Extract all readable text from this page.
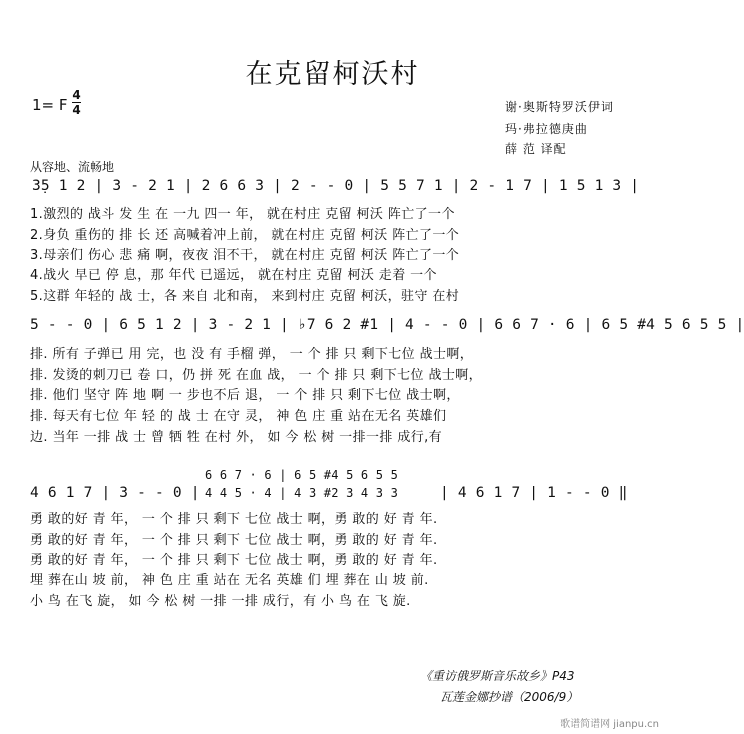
在克留柯沃村
1= F
4
4	谢·奥斯特罗沃伊词
玛·弗拉德庚曲
薛 范 译配
从容地、流畅地
3̣5 1 2 | 3 - 2 1 | 2 6 6 3 | 2 - - 0 | 5 5 7 1 | 2 - 1 7 | 1 5 1 3 |
1.激烈的 战斗 发 生 在 一九 四一 年， 就在村庄 克留 柯沃 阵亡了一个
2.身负 重伤的 排 长 还 高喊着冲上前， 就在村庄 克留 柯沃 阵亡了一个
3.母亲们 伤心 悲 痛 啊，夜夜 泪不干， 就在村庄 克留 柯沃 阵亡了一个
4.战火 早已 停 息，那 年代 已遥远， 就在村庄 克留 柯沃 走着 一个
5.这群 年轻的 战 士，各 来自 北和南， 来到村庄 克留 柯沃，驻守 在村
5 - - 0 | 6 5 1 2 | 3 - 2 1 | ♭7 6 2 #1 | 4 - - 0 | 6 6 7 · 6 | 6 5 #4 5 6 5 5 |
排. 所有 子弹已 用 完，也 没 有 手榴 弹， 一 个 排 只 剩下七位 战士啊，
排. 发烫的刺刀已 卷 口，仍 拼 死 在血 战， 一 个 排 只 剩下七位 战士啊，
排. 他们 坚守 阵 地 啊 一 步也不后 退， 一 个 排 只 剩下七位 战士啊，
排. 每天有七位 年 轻 的 战 士 在守 灵， 神 色 庄 重 站在无名 英雄们
边. 当年 一排 战 士 曾 牺 牲 在村 外， 如 今 松 树 一排一排 成行,有
6 6 7 · 6 | 6 5 #4 5 6 5 5
4 4 5 · 4 | 4 3 #2 3 4 3 3
4 6 1 7 | 3 - - 0 |	| 4 6 1 7 | 1 - - 0 ‖
勇 敢的好 青 年， 一 个 排 只 剩下 七位 战士 啊，勇 敢的 好 青 年.
勇 敢的好 青 年， 一 个 排 只 剩下 七位 战士 啊，勇 敢的 好 青 年.
勇 敢的好 青 年， 一 个 排 只 剩下 七位 战士 啊，勇 敢的 好 青 年.
埋 葬在山 坡 前， 神 色 庄 重 站在 无名 英雄 们 埋 葬在 山 坡 前.
小 鸟 在飞 旋， 如 今 松 树 一排 一排 成行，有 小 鸟 在 飞 旋.
《重访俄罗斯音乐故乡》P43
瓦莲金娜抄谱（2006/9）
歌谱简谱网 jianpu.cn
